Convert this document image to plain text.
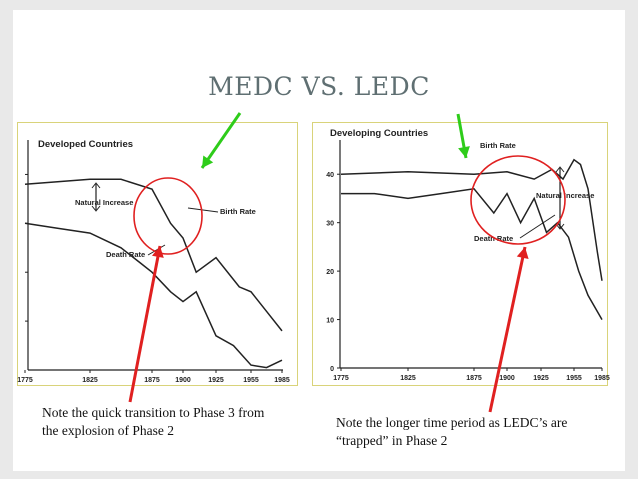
MEDC VS. LEDC
Developed Countries
1775	1825	1875 1900 1925	1955 1985
Natural Increase
Birth Rate
Death Rate
Developing Countries
1775	1825	1875 1900	1925 1955 1985
0
10
20
30
40
Birth Rate
Natural Increase
Death Rate
Note the quick transition to Phase 3 from the explosion of Phase 2
Note the longer time period as LEDC’s are “trapped” in Phase 2
